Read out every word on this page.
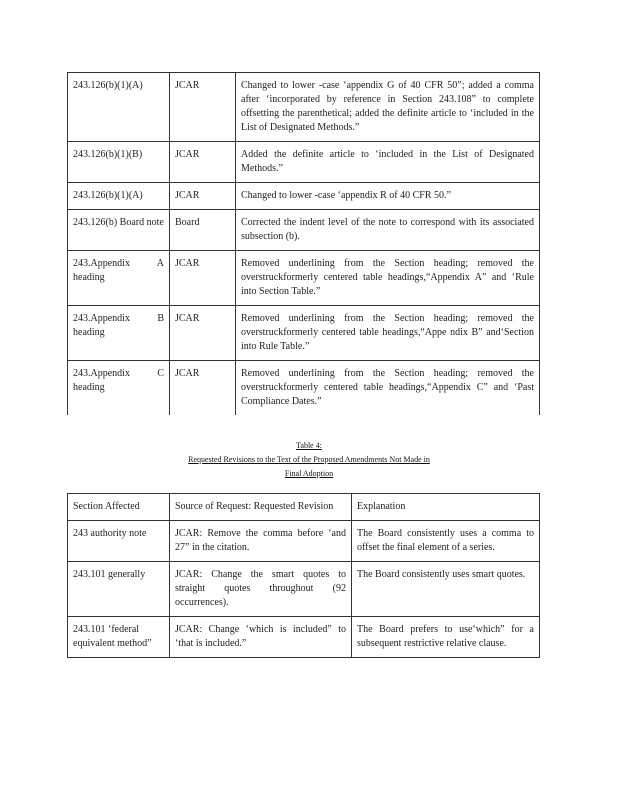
243.126(b)(1)(A)	JCAR	Changed to lower -case ‘appendix G of 40 CFR 50”; added a comma after ‘incorporated by reference in Section 243.108” to complete offsetting the parenthetical; added the definite article to ‘included in the List of Designated Methods.”
243.126(b)(1)(B)	JCAR	Added the definite article to ‘included in the List of Designated Methods.”
243.126(b)(1)(A)	JCAR	Changed to lower -case ‘appendix R of 40 CFR 50.”
243.126(b) Board note	Board	Corrected the indent level of the note to correspond with its associated subsection (b).
243.Appendix A heading	JCAR	Removed underlining from the Section heading; removed the overstruckformerly centered table headings,“Appendix A” and ‘Rule into Section Table.”
243.Appendix B heading	JCAR	Removed underlining from the Section heading; removed the overstruckformerly centered table headings,“Appe ndix B” and‘Section into Rule Table.”
243.Appendix C heading	JCAR	Removed underlining from the Section heading; removed the overstruckformerly centered table headings,“Appendix C” and ‘Past Compliance Dates.”
Table 4:
Requested Revisions to the Text of the Proposed Amendments Not Made in
Final Adoption
Section Affected	Source of Request: Requested Revision	Explanation
243 authority note	JCAR: Remove the comma before ‘and 27” in the citation.	The Board consistently uses a comma to offset the final element of a series.
243.101 generally	JCAR: Change the smart quotes to straight quotes throughout (92 occurrences).	The Board consistently uses smart quotes.
243.101 ‘federal equivalent method”	JCAR: Change ‘which is included” to ‘that is included.”	The Board prefers to use‘which” for a subsequent restrictive relative clause.
